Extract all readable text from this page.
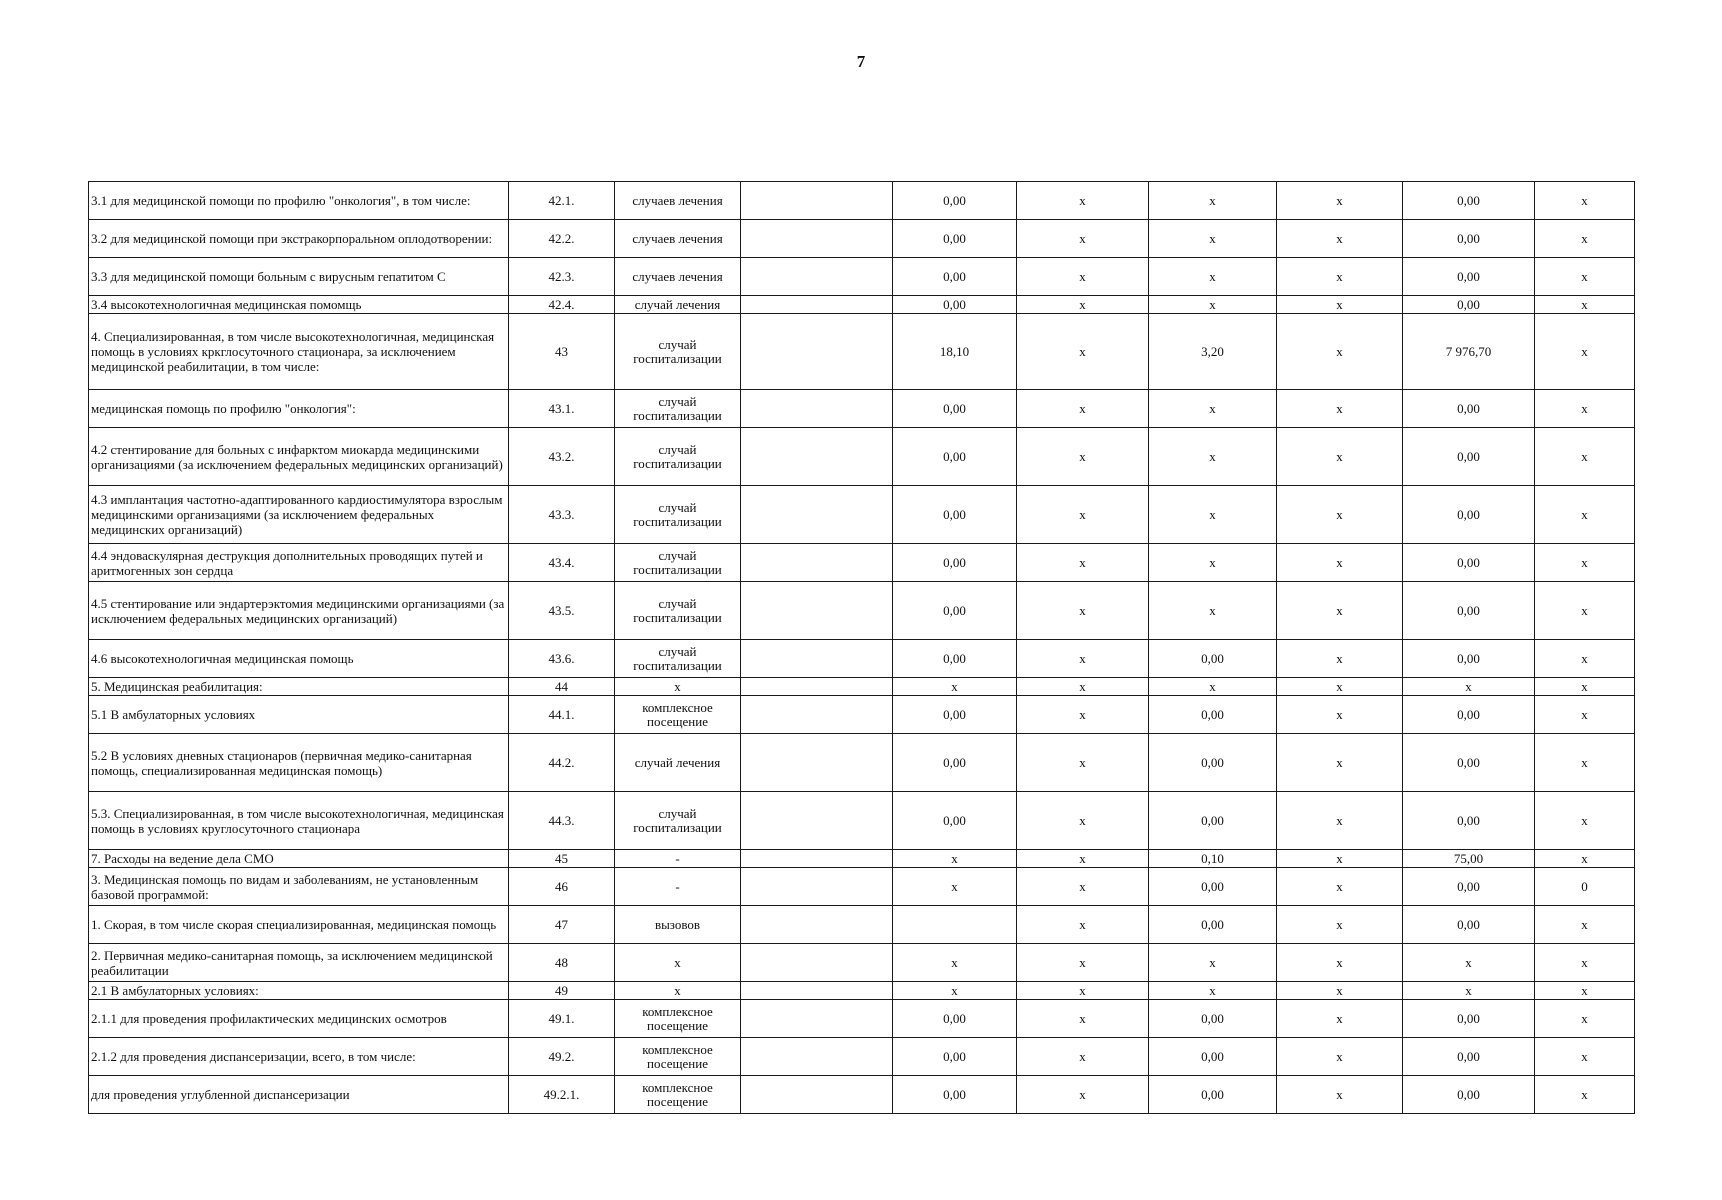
7
3.1 для медицинской помощи по профилю "онкология", в том числе:	42.1.	случаев лечения		0,00	х	х	х	0,00	х
3.2 для медицинской помощи при экстракорпоральном оплодотворении:	42.2.	случаев лечения		0,00	х	х	х	0,00	х
3.3 для медицинской помощи больным с вирусным гепатитом С	42.3.	случаев лечения		0,00	х	х	х	0,00	х
3.4 высокотехнологичная медицинская помомщь	42.4.	случай лечения		0,00	х	х	х	0,00	х
4. Специализированная, в том числе высокотехнологичная, медицинская помощь в условиях кркглосуточного стационара, за исключением медицинской реабилитации, в том числе:	43	случай госпитализации		18,10	х	3,20	х	7 976,70	х
медицинская помощь по профилю "онкология":	43.1.	случай госпитализации		0,00	х	х	х	0,00	х
4.2 стентирование для больных с инфарктом миокарда медицинскими организациями (за исключением федеральных медицинских организаций)	43.2.	случай госпитализации		0,00	х	х	х	0,00	х
4.3 имплантация частотно-адаптированного кардиостимулятора взрослым медицинскими организациями (за исключением федеральных медицинских организаций)	43.3.	случай госпитализации		0,00	х	х	х	0,00	х
4.4 эндоваскулярная деструкция дополнительных проводящих путей и аритмогенных зон сердца	43.4.	случай госпитализации		0,00	х	х	х	0,00	х
4.5 стентирование или эндартерэктомия медицинскими организациями (за исключением федеральных медицинских организаций)	43.5.	случай госпитализации		0,00	х	х	х	0,00	х
4.6 высокотехнологичная медицинская помощь	43.6.	случай госпитализации		0,00	х	0,00	х	0,00	х
5. Медицинская реабилитация:	44	х		х	х	х	х	х	х
5.1 В амбулаторных условиях	44.1.	комплексное посещение		0,00	х	0,00	х	0,00	х
5.2 В условиях дневных стационаров (первичная медико-санитарная помощь, специализированная медицинская помощь)	44.2.	случай лечения		0,00	х	0,00	х	0,00	х
5.3. Специализированная, в том числе высокотехнологичная, медицинская помощь в условиях круглосуточного стационара	44.3.	случай госпитализации		0,00	х	0,00	х	0,00	х
7. Расходы на ведение дела СМО	45	-		х	х	0,10	х	75,00	х
3. Медицинская помощь по видам и заболеваниям, не установленным базовой программой:	46	-		х	х	0,00	х	0,00	0
1. Скорая, в том числе скорая специализированная, медицинская помощь	47	вызовов			х	0,00	х	0,00	х
2. Первичная медико-санитарная помощь, за исключением медицинской реабилитации	48	х		х	х	х	х	х	х
2.1 В амбулаторных условиях:	49	х		х	х	х	х	х	х
2.1.1 для проведения профилактических медицинских осмотров	49.1.	комплексное посещение		0,00	х	0,00	х	0,00	х
2.1.2 для проведения диспансеризации, всего, в том числе:	49.2.	комплексное посещение		0,00	х	0,00	х	0,00	х
для проведения углубленной диспансеризации	49.2.1.	комплексное посещение		0,00	х	0,00	х	0,00	х
